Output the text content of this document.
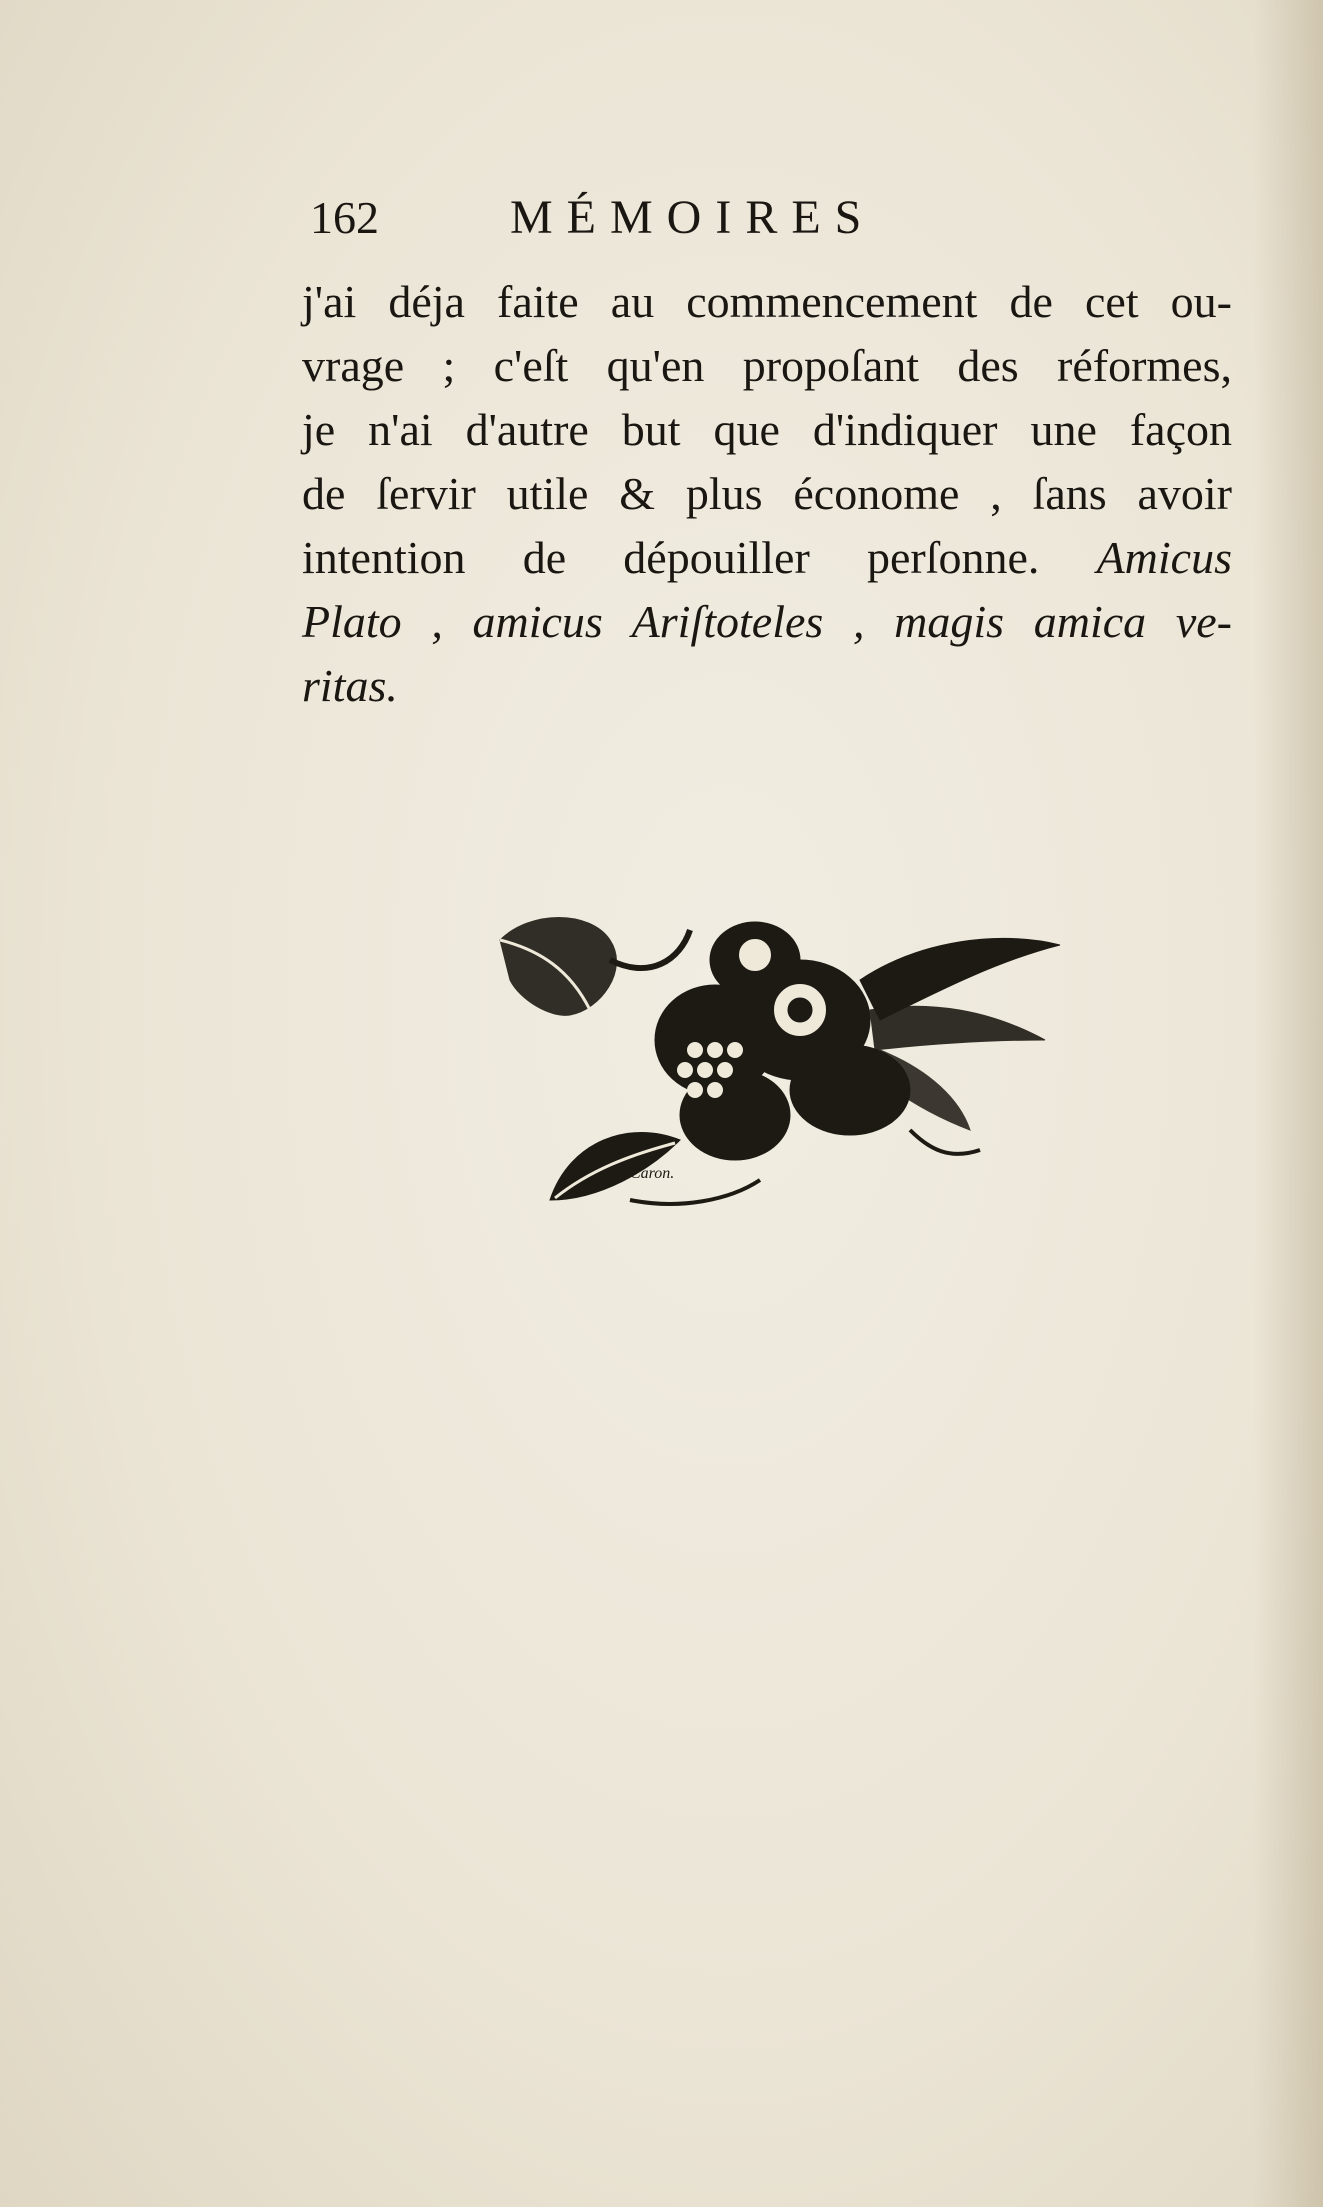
162	MÉMOIRES
j'ai déja faite au commencement de cet ou-
vrage ; c'eſt qu'en propoſant des réformes,
je n'ai d'autre but que d'indiquer une façon
de ſervir utile & plus économe , ſans avoir
intention de dépouiller perſonne. Amicus
Plato , amicus Ariſtoteles , magis amica ve-
ritas.
Caron.
